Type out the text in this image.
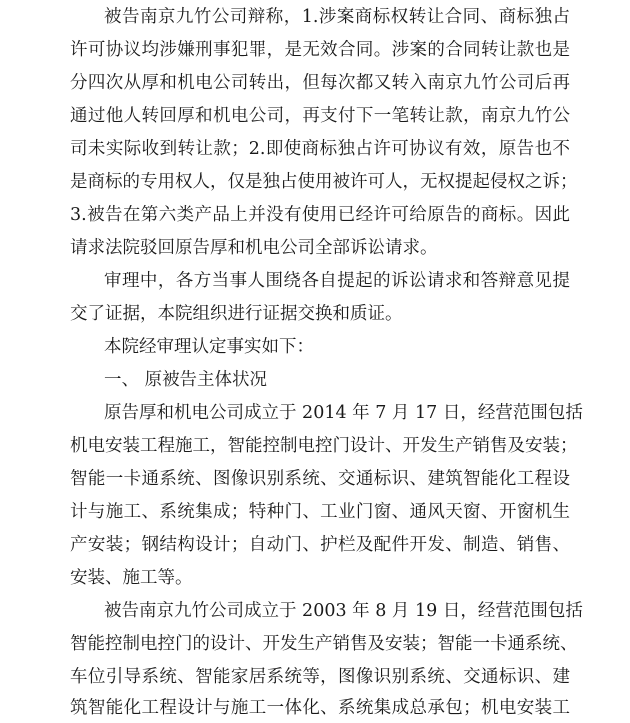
被告南京九竹公司辩称，1.涉案商标权转让合同、商标独占
许可协议均涉嫌刑事犯罪，是无效合同。涉案的合同转让款也是
分四次从厚和机电公司转出，但每次都又转入南京九竹公司后再
通过他人转回厚和机电公司，再支付下一笔转让款，南京九竹公
司未实际收到转让款；2.即使商标独占许可协议有效，原告也不
是商标的专用权人，仅是独占使用被许可人，无权提起侵权之诉；
3.被告在第六类产品上并没有使用已经许可给原告的商标。因此
请求法院驳回原告厚和机电公司全部诉讼请求。
审理中，各方当事人围绕各自提起的诉讼请求和答辩意见提
交了证据，本院组织进行证据交换和质证。
本院经审理认定事实如下：
一、 原被告主体状况
原告厚和机电公司成立于 2014 年 7 月 17 日，经营范围包括
机电安装工程施工，智能控制电控门设计、开发生产销售及安装；
智能一卡通系统、图像识别系统、交通标识、建筑智能化工程设
计与施工、系统集成；特种门、工业门窗、通风天窗、开窗机生
产安装；钢结构设计；自动门、护栏及配件开发、制造、销售、
安装、施工等。
被告南京九竹公司成立于 2003 年 8 月 19 日，经营范围包括
智能控制电控门的设计、开发生产销售及安装；智能一卡通系统、
车位引导系统、智能家居系统等，图像识别系统、交通标识、建
筑智能化工程设计与施工一体化、系统集成总承包；机电安装工
